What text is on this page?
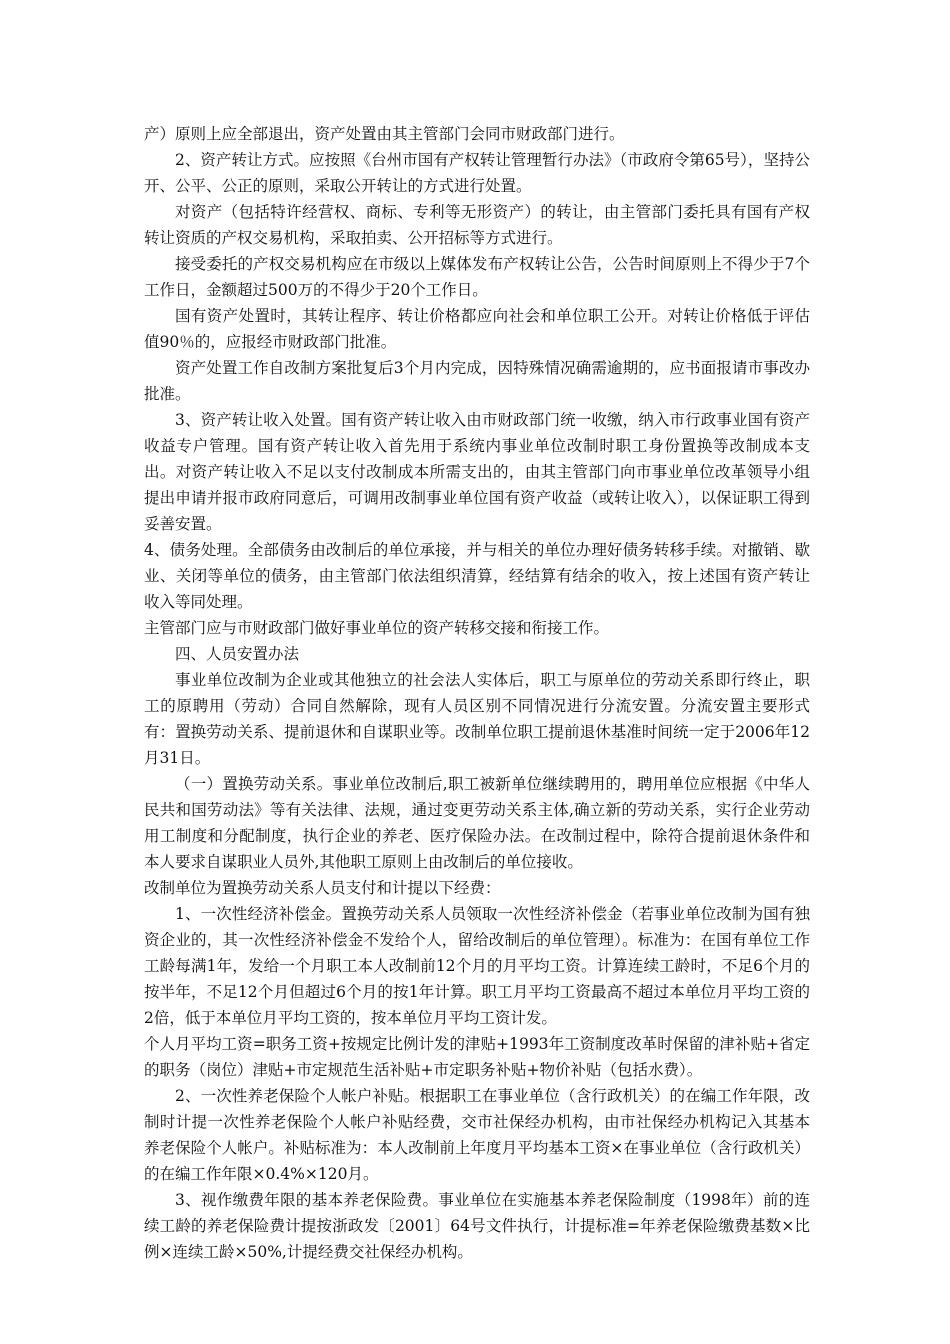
产）原则上应全部退出，资产处置由其主管部门会同市财政部门进行。

2、资产转让方式。应按照《台州市国有产权转让管理暂行办法》（市政府令第65号），坚持公开、公平、公正的原则，采取公开转让的方式进行处置。

对资产（包括特许经营权、商标、专利等无形资产）的转让，由主管部门委托具有国有产权转让资质的产权交易机构，采取拍卖、公开招标等方式进行。

接受委托的产权交易机构应在市级以上媒体发布产权转让公告，公告时间原则上不得少于7个工作日，金额超过500万的不得少于20个工作日。

国有资产处置时，其转让程序、转让价格都应向社会和单位职工公开。对转让价格低于评估值90％的，应报经市财政部门批准。

资产处置工作自改制方案批复后3个月内完成，因特殊情况确需逾期的，应书面报请市事改办批准。

3、资产转让收入处置。国有资产转让收入由市财政部门统一收缴，纳入市行政事业国有资产收益专户管理。国有资产转让收入首先用于系统内事业单位改制时职工身份置换等改制成本支出。对资产转让收入不足以支付改制成本所需支出的，由其主管部门向市事业单位改革领导小组提出申请并报市政府同意后，可调用改制事业单位国有资产收益（或转让收入），以保证职工得到妥善安置。

4、债务处理。全部债务由改制后的单位承接，并与相关的单位办理好债务转移手续。对撤销、歇业、关闭等单位的债务，由主管部门依法组织清算，经结算有结余的收入，按上述国有资产转让收入等同处理。

主管部门应与市财政部门做好事业单位的资产转移交接和衔接工作。

四、人员安置办法

事业单位改制为企业或其他独立的社会法人实体后，职工与原单位的劳动关系即行终止，职工的原聘用（劳动）合同自然解除，现有人员区别不同情况进行分流安置。分流安置主要形式有：置换劳动关系、提前退休和自谋职业等。改制单位职工提前退休基准时间统一定于2006年12月31日。

（一）置换劳动关系。事业单位改制后,职工被新单位继续聘用的，聘用单位应根据《中华人民共和国劳动法》等有关法律、法规，通过变更劳动关系主体,确立新的劳动关系，实行企业劳动用工制度和分配制度，执行企业的养老、医疗保险办法。在改制过程中，除符合提前退休条件和本人要求自谋职业人员外,其他职工原则上由改制后的单位接收。

改制单位为置换劳动关系人员支付和计提以下经费：

1、一次性经济补偿金。置换劳动关系人员领取一次性经济补偿金（若事业单位改制为国有独资企业的，其一次性经济补偿金不发给个人，留给改制后的单位管理）。标准为：在国有单位工作工龄每满1年，发给一个月职工本人改制前12个月的月平均工资。计算连续工龄时，不足6个月的按半年，不足12个月但超过6个月的按1年计算。职工月平均工资最高不超过本单位月平均工资的2倍，低于本单位月平均工资的，按本单位月平均工资计发。

个人月平均工资=职务工资+按规定比例计发的津贴+1993年工资制度改革时保留的津补贴+省定的职务（岗位）津贴+市定规范生活补贴+市定职务补贴+物价补贴（包括水费）。

2、一次性养老保险个人帐户补贴。根据职工在事业单位（含行政机关）的在编工作年限，改制时计提一次性养老保险个人帐户补贴经费，交市社保经办机构，由市社保经办机构记入其基本养老保险个人帐户。补贴标准为：本人改制前上年度月平均基本工资×在事业单位（含行政机关）的在编工作年限×0.4%×120月。

3、视作缴费年限的基本养老保险费。事业单位在实施基本养老保险制度（1998年）前的连续工龄的养老保险费计提按浙政发〔2001〕64号文件执行，计提标准=年养老保险缴费基数×比例×连续工龄×50%,计提经费交社保经办机构。
